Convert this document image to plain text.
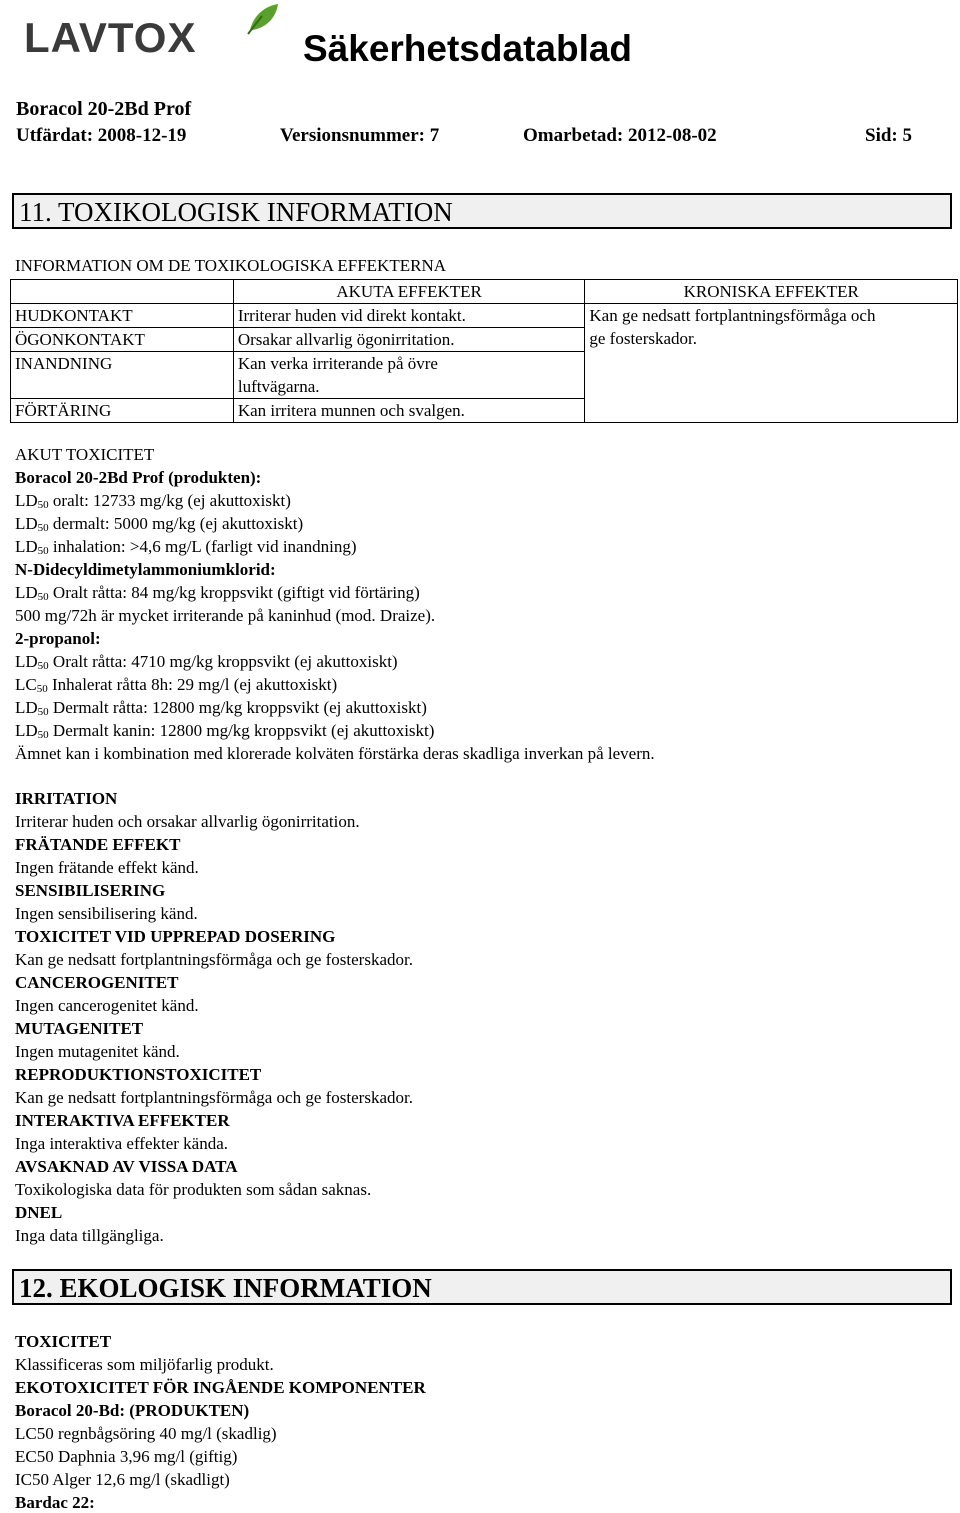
LAVTOX	Säkerhetsdatablad
Boracol 20-2Bd Prof
Utfärdat: 2008-12-19	Versionsnummer: 7	Omarbetad: 2012-08-02	Sid: 5
11. TOXIKOLOGISK INFORMATION
INFORMATION OM DE TOXIKOLOGISKA EFFEKTERNA
	AKUTA EFFEKTER	KRONISKA EFFEKTER
HUDKONTAKT	Irriterar huden vid direkt kontakt.	Kan ge nedsatt fortplantningsförmåga och
ge fosterskador.

ÖGONKONTAKT	Orsakar allvarlig ögonirritation.	
INANDNING	Kan verka irriterande på övre
luftvägarna.	

FÖRTÄRING	Kan irritera munnen och svalgen.	
AKUT TOXICITET
Boracol 20-2Bd Prof (produkten):
$LD_{50}$ oralt: 12733 mg/kg (ej akuttoxiskt)
$LD_{50}$ dermalt: 5000 mg/kg (ej akuttoxiskt)
$LD_{50}$ inhalation: >4,6 mg/L (farligt vid inandning)
N-Didecyldimetylammoniumklorid:
$LD_{50}$ Oralt råtta: 84 mg/kg kroppsvikt (giftigt vid förtäring)
500 mg/72h är mycket irriterande på kaninhud (mod. Draize).
2-propanol:
$LD_{50}$ Oralt råtta: 4710 mg/kg kroppsvikt (ej akuttoxiskt)
$LC_{50}$ Inhalerat råtta 8h: 29 mg/l (ej akuttoxiskt)
$LD_{50}$ Dermalt råtta: 12800 mg/kg kroppsvikt (ej akuttoxiskt)
$LD_{50}$ Dermalt kanin: 12800 mg/kg kroppsvikt (ej akuttoxiskt)
Ämnet kan i kombination med klorerade kolväten förstärka deras skadliga inverkan på levern.
IRRITATION
Irriterar huden och orsakar allvarlig ögonirritation.
FRÄTANDE EFFEKT
Ingen frätande effekt känd.
SENSIBILISERING
Ingen sensibilisering känd.
TOXICITET VID UPPREPAD DOSERING
Kan ge nedsatt fortplantningsförmåga och ge fosterskador.
CANCEROGENITET
Ingen cancerogenitet känd.
MUTAGENITET
Ingen mutagenitet känd.
REPRODUKTIONSTOXICITET
Kan ge nedsatt fortplantningsförmåga och ge fosterskador.
INTERAKTIVA EFFEKTER
Inga interaktiva effekter kända.
AVSAKNAD AV VISSA DATA
Toxikologiska data för produkten som sådan saknas.
DNEL
Inga data tillgängliga.
12. EKOLOGISK INFORMATION
TOXICITET
Klassificeras som miljöfarlig produkt.
EKOTOXICITET FÖR INGÅENDE KOMPONENTER
Boracol 20-Bd: (PRODUKTEN)
LC50 regnbågsöring 40 mg/l (skadlig)
EC50 Daphnia 3,96 mg/l (giftig)
IC50 Alger 12,6 mg/l (skadligt)
Bardac 22:
